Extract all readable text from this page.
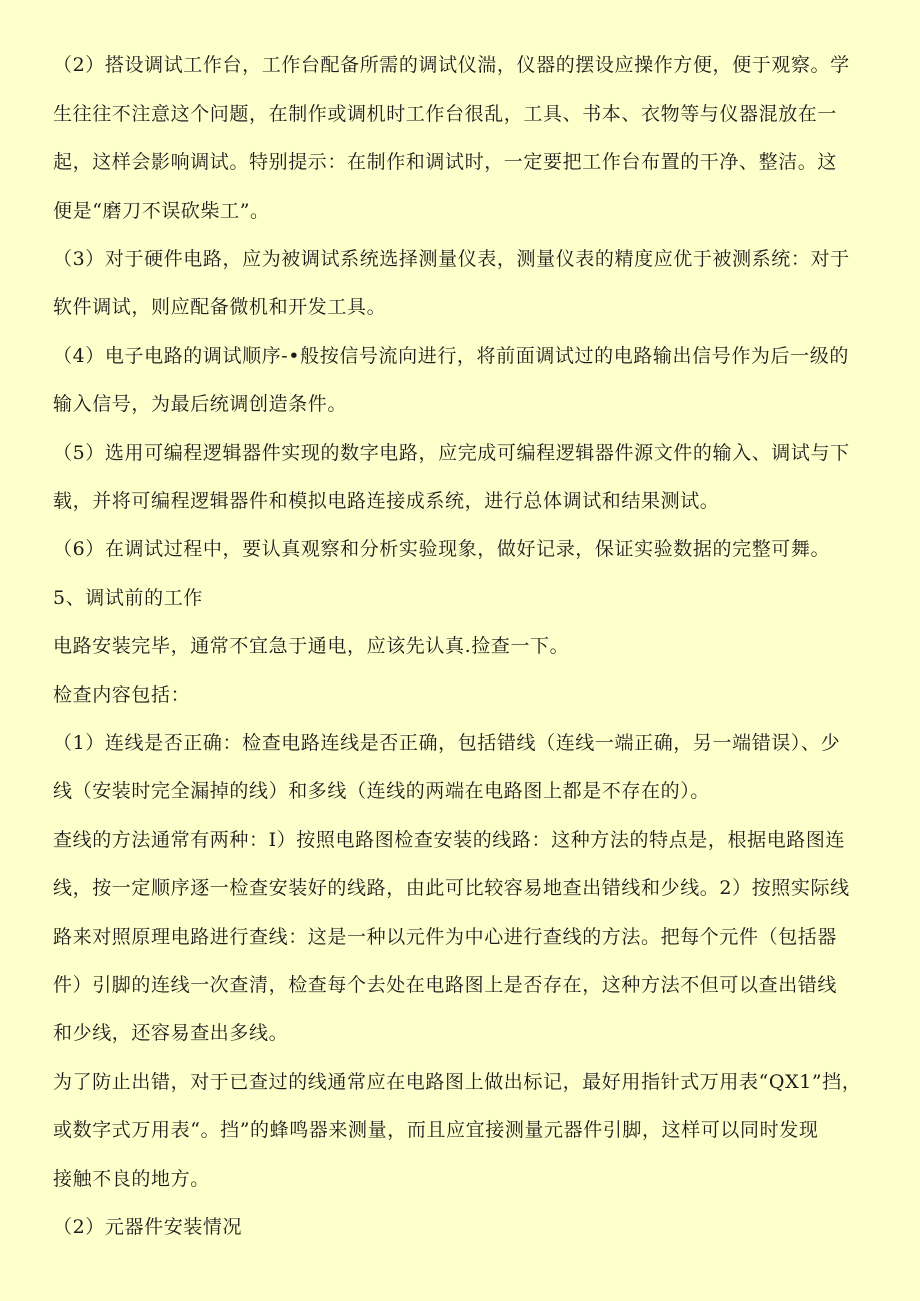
（2）搭设调试工作台，工作台配备所需的调试仪湍，仪器的摆设应操作方便，便于观察。学
生往往不注意这个问题，在制作或调机时工作台很乱，工具、书本、衣物等与仪器混放在一
起，这样会影响调试。特别提示：在制作和调试时，一定要把工作台布置的干净、整洁。这
便是“磨刀不误砍柴工”。
（3）对于硬件电路，应为被调试系统选择测量仪表，测量仪表的精度应优于被测系统：对于
软件调试，则应配备微机和开发工具。
（4）电子电路的调试顺序-•般按信号流向进行，将前面调试过的电路输出信号作为后一级的
输入信号，为最后统调创造条件。
（5）选用可编程逻辑器件实现的数字电路，应完成可编程逻辑器件源文件的输入、调试与下
载，并将可编程逻辑器件和模拟电路连接成系统，进行总体调试和结果测试。
（6）在调试过程中，要认真观察和分析实验现象，做好记录，保证实验数据的完整可舞。
5、调试前的工作
电路安装完毕，通常不宜急于通电，应该先认真.捡查一下。
检查内容包括：
（1）连线是否正确：检查电路连线是否正确，包括错线（连线一端正确，另一端错误）、少
线（安装时完全漏掉的线）和多线（连线的两端在电路图上都是不存在的）。
查线的方法通常有两种：I）按照电路图检查安装的线路：这种方法的特点是，根据电路图连
线，按一定顺序逐一检查安装好的线路，由此可比较容易地查出错线和少线。2）按照实际线
路来对照原理电路进行查线：这是一种以元件为中心进行查线的方法。把每个元件（包括器
件）引脚的连线一次查清，检查每个去处在电路图上是否存在，这种方法不但可以查出错线
和少线，还容易查出多线。
为了防止出错，对于已查过的线通常应在电路图上做出标记，最好用指针式万用表“QX1”挡，
或数字式万用表“。挡”的蜂鸣器来测量，而且应宜接测量元器件引脚，这样可以同时发现
接触不良的地方。
（2）元器件安装情况
